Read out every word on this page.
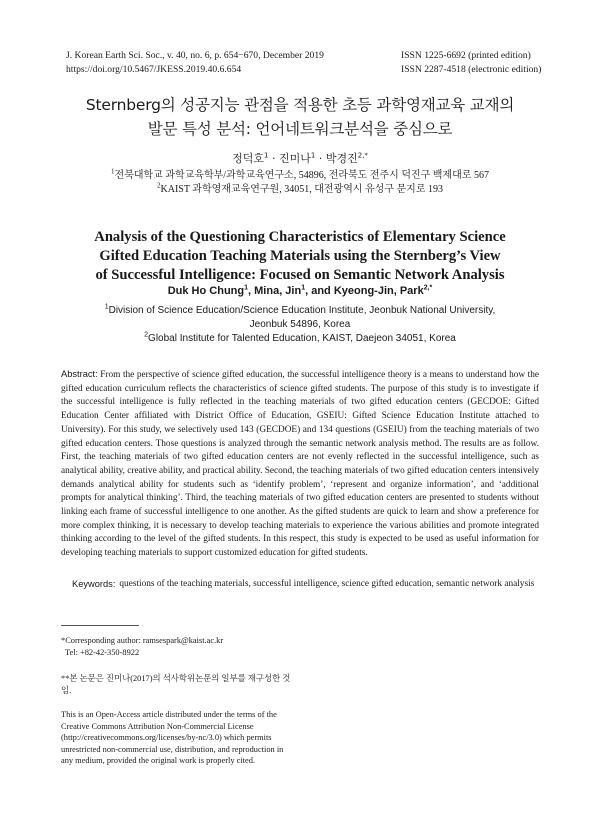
J. Korean Earth Sci. Soc., v. 40, no. 6, p. 654−670, December 2019
https://doi.org/10.5467/JKESS.2019.40.6.654
ISSN 1225-6692 (printed edition)
ISSN 2287-4518 (electronic edition)
Sternberg의 성공지능 관점을 적용한 초등 과학영재교육 교재의
발문 특성 분석: 언어네트워크분석을 중심으로
정덕호$^1$ · 진미나$^1$ · 박경진$^{2,*}$
$^1$전북대학교 과학교육학부/과학교육연구소, 54896, 전라북도 전주시 덕진구 백제대로 567
$^2$KAIST 과학영재교육연구원, 34051, 대전광역시 유성구 문지로 193
Analysis of the Questioning Characteristics of Elementary Science
Gifted Education Teaching Materials using the Sternberg’s View
of Successful Intelligence: Focused on Semantic Network Analysis
Duk Ho Chung$^1$, Mina, Jin$^1$, and Kyeong-Jin, Park$^{2,*}$
$^1$Division of Science Education/Science Education Institute, Jeonbuk National University,
Jeonbuk 54896, Korea
$^2$Global Institute for Talented Education, KAIST, Daejeon 34051, Korea
Abstract: From the perspective of science gifted education, the successful intelligence theory is a means to understand how the gifted education curriculum reflects the characteristics of science gifted students. The purpose of this study is to investigate if the successful intelligence is fully reflected in the teaching materials of two gifted education centers (GECDOE: Gifted Education Center affiliated with District Office of Education, GSEIU: Gifted Science Education Institute attached to University). For this study, we selectively used 143 (GECDOE) and 134 questions (GSEIU) from the teaching materials of two gifted education centers. Those questions is analyzed through the semantic network analysis method. The results are as follow. First, the teaching materials of two gifted education centers are not evenly reflected in the successful intelligence, such as analytical ability, creative ability, and practical ability. Second, the teaching materials of two gifted education centers intensively demands analytical ability for students such as ‘identify problem’, ‘represent and organize information’, and ‘additional prompts for analytical thinking’. Third, the teaching materials of two gifted education centers are presented to students without linking each frame of successful intelligence to one another. As the gifted students are quick to learn and show a preference for more complex thinking, it is necessary to develop teaching materials to experience the various abilities and promote integrated thinking according to the level of the gifted students. In this respect, this study is expected to be used as useful information for developing teaching materials to support customized education for gifted students.
Keywords: questions of the teaching materials, successful intelligence, science gifted education, semantic network analysis
*Corresponding author: ramsespark@kaist.ac.kr
Tel: +82-42-350-8922
**본 논문은 진미나(2017)의 석사학위논문의 일부를 재구성한 것임.
This is an Open-Access article distributed under the terms of the Creative Commons Attribution Non-Commercial License (http://creativecommons.org/licenses/by-nc/3.0) which permits unrestricted non-commercial use, distribution, and reproduction in any medium, provided the original work is properly cited.
